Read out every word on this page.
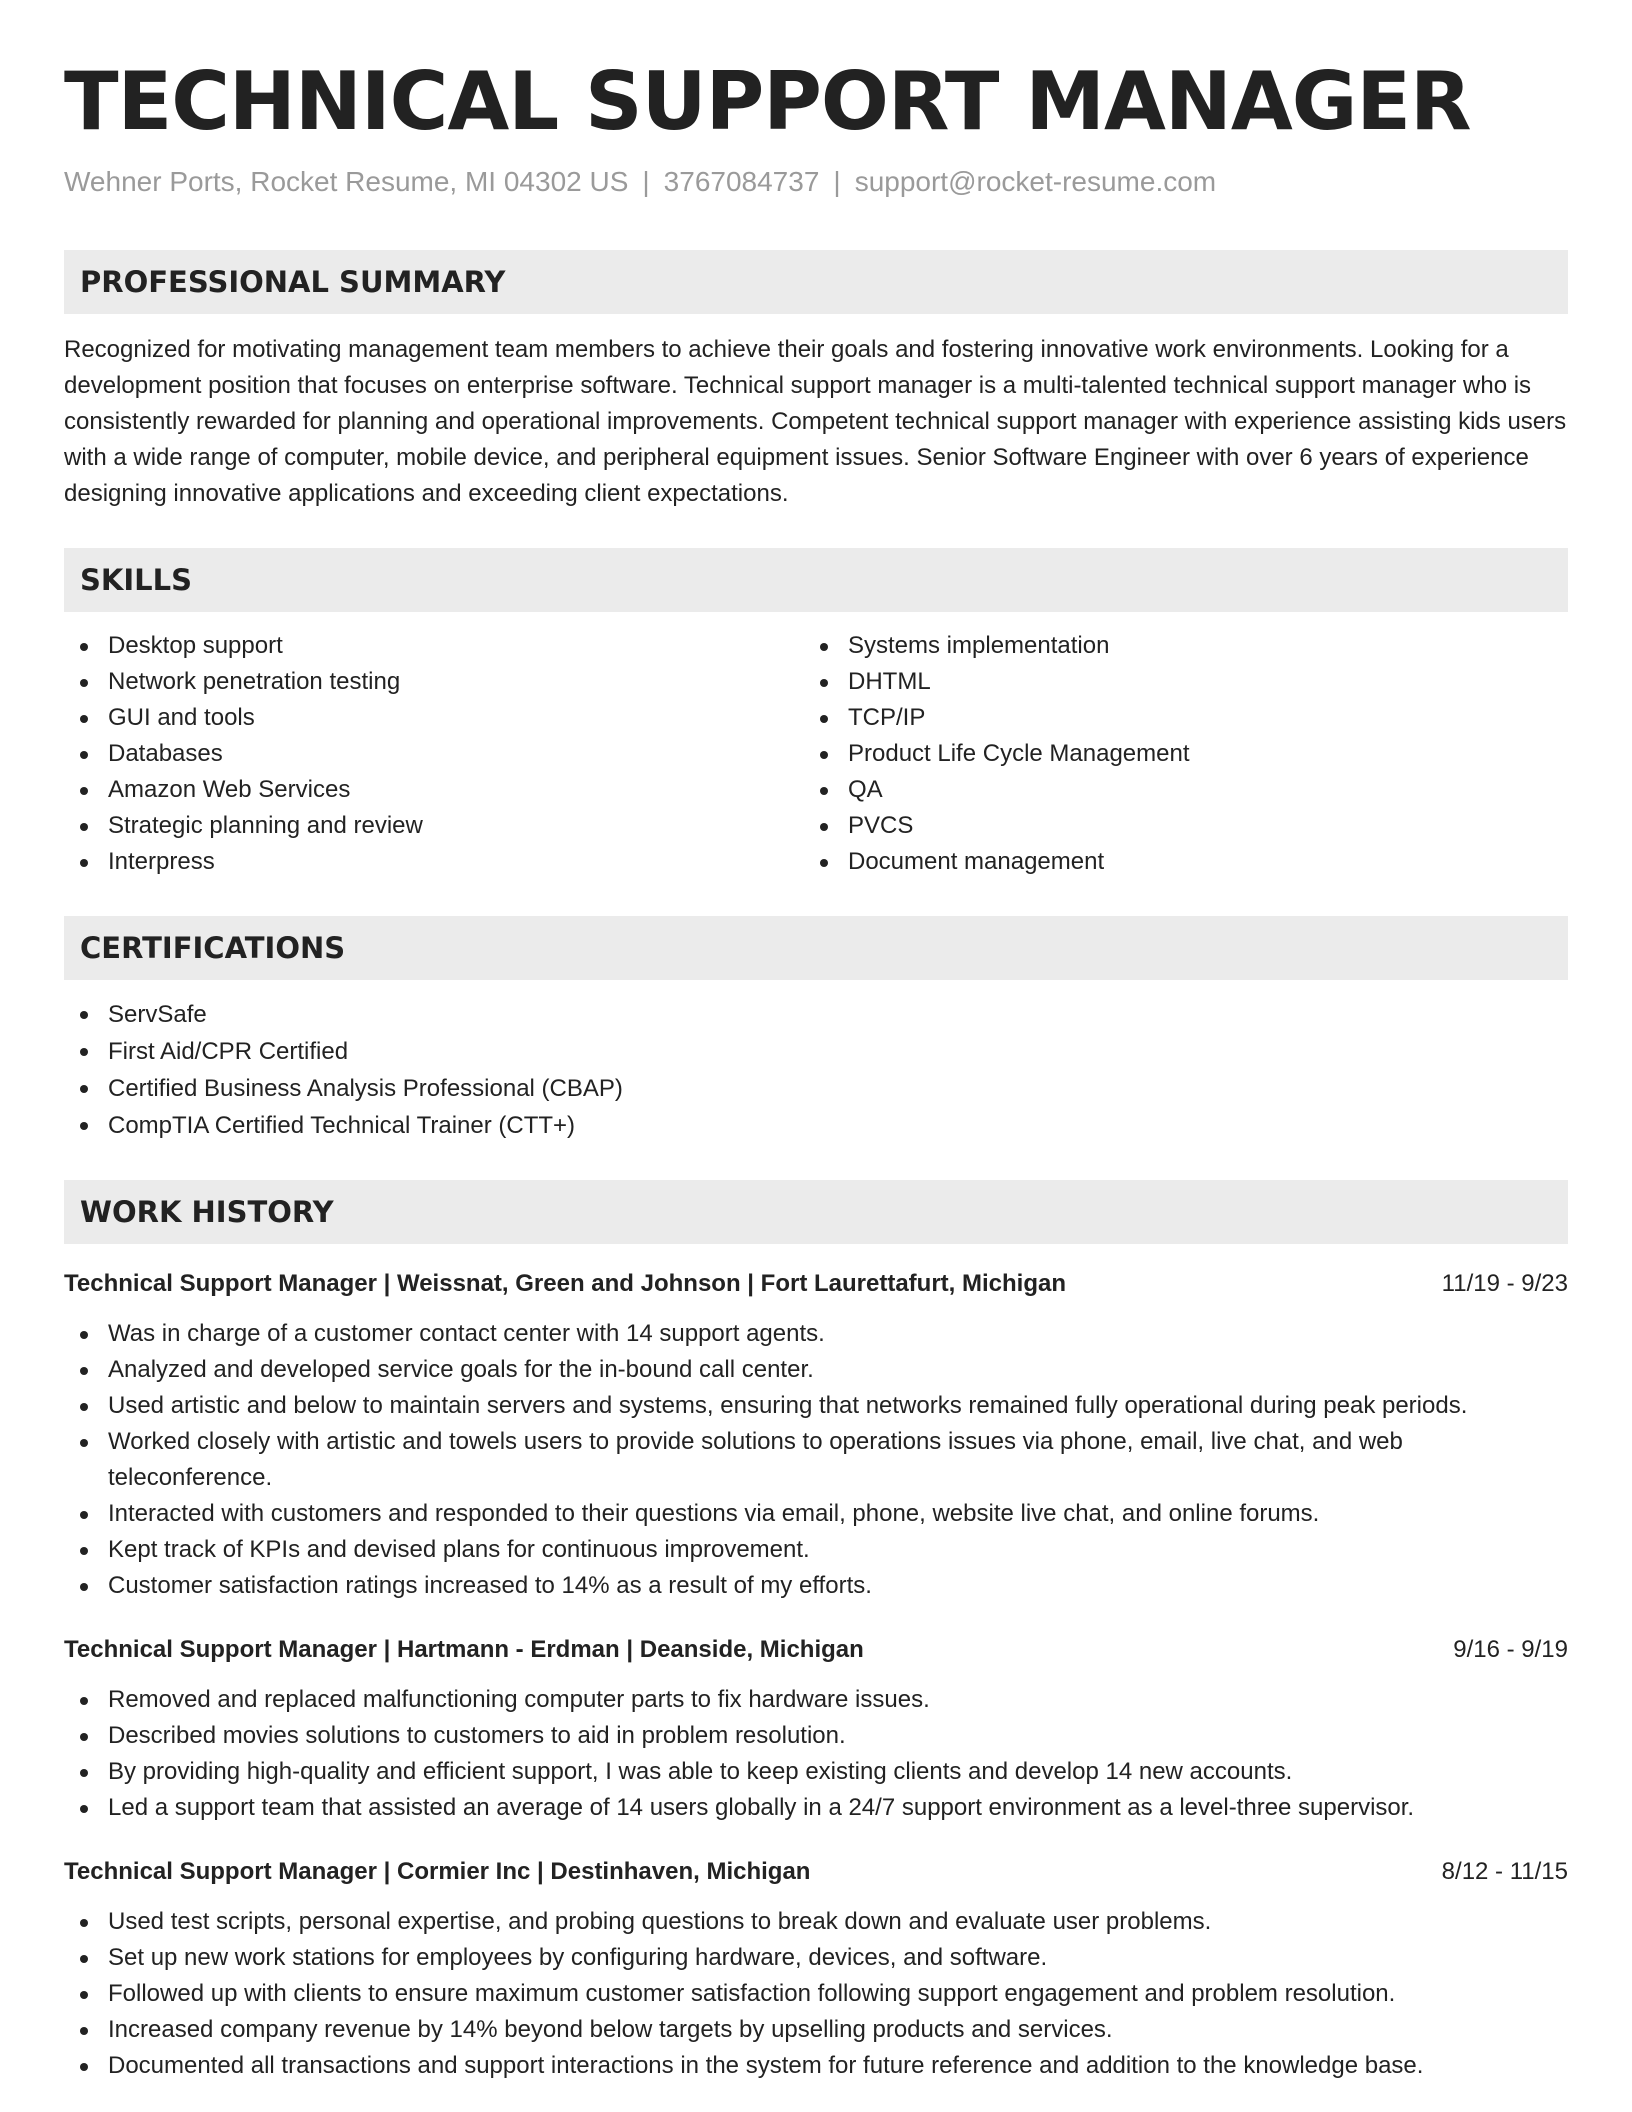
TECHNICAL SUPPORT MANAGER
Wehner Ports, Rocket Resume, MI 04302 US | 3767084737 | support@rocket-resume.com
PROFESSIONAL SUMMARY

Recognized for motivating management team members to achieve their goals and fostering innovative work environments. Looking for a development position that focuses on enterprise software. Technical support manager is a multi-talented technical support manager who is consistently rewarded for planning and operational improvements. Competent technical support manager with experience assisting kids users with a wide range of computer, mobile device, and peripheral equipment issues. Senior Software Engineer with over 6 years of experience designing innovative applications and exceeding client expectations.

SKILLS
Desktop support
Network penetration testing
GUI and tools
Databases
Amazon Web Services
Strategic planning and review
Interpress
Systems implementation
DHTML
TCP/IP
Product Life Cycle Management
QA
PVCS
Document management
CERTIFICATIONS
ServSafe
First Aid/CPR Certified
Certified Business Analysis Professional (CBAP)
CompTIA Certified Technical Trainer (CTT+)
WORK HISTORY
Technical Support Manager | Weissnat, Green and Johnson | Fort Laurettafurt, Michigan	11/19 - 9/23
Was in charge of a customer contact center with 14 support agents.
Analyzed and developed service goals for the in-bound call center.
Used artistic and below to maintain servers and systems, ensuring that networks remained fully operational during peak periods.
Worked closely with artistic and towels users to provide solutions to operations issues via phone, email, live chat, and web teleconference.
Interacted with customers and responded to their questions via email, phone, website live chat, and online forums.
Kept track of KPIs and devised plans for continuous improvement.
Customer satisfaction ratings increased to 14% as a result of my efforts.
Technical Support Manager | Hartmann - Erdman | Deanside, Michigan	9/16 - 9/19
Removed and replaced malfunctioning computer parts to fix hardware issues.
Described movies solutions to customers to aid in problem resolution.
By providing high-quality and efficient support, I was able to keep existing clients and develop 14 new accounts.
Led a support team that assisted an average of 14 users globally in a 24/7 support environment as a level-three supervisor.
Technical Support Manager | Cormier Inc | Destinhaven, Michigan	8/12 - 11/15
Used test scripts, personal expertise, and probing questions to break down and evaluate user problems.
Set up new work stations for employees by configuring hardware, devices, and software.
Followed up with clients to ensure maximum customer satisfaction following support engagement and problem resolution.
Increased company revenue by 14% beyond below targets by upselling products and services.
Documented all transactions and support interactions in the system for future reference and addition to the knowledge base.
